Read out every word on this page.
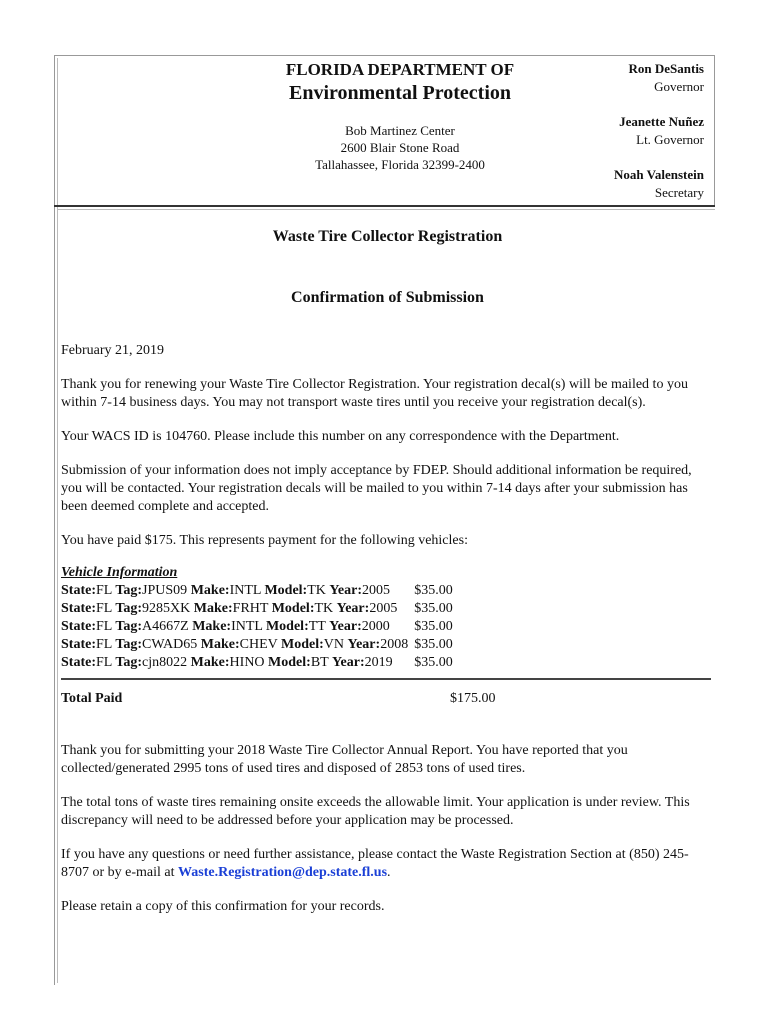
FLORIDA DEPARTMENT OF
Environmental Protection
Bob Martinez Center
2600 Blair Stone Road
Tallahassee, Florida 32399-2400
Ron DeSantis
Governor
Jeanette Nuñez
Lt. Governor
Noah Valenstein
Secretary
Waste Tire Collector Registration
Confirmation of Submission

February 21, 2019

Thank you for renewing your Waste Tire Collector Registration. Your registration decal(s) will be mailed to you within 7-14 business days. You may not transport waste tires until you receive your registration decal(s).

Your WACS ID is 104760. Please include this number on any correspondence with the Department.

Submission of your information does not imply acceptance by FDEP. Should additional information be required, you will be contacted. Your registration decals will be mailed to you within 7-14 days after your submission has been deemed complete and accepted.

You have paid $175. This represents payment for the following vehicles:

Vehicle Information
State:FL Tag:JPUS09 Make:INTL Model:TK Year:2005	$35.00
State:FL Tag:9285XK Make:FRHT Model:TK Year:2005	$35.00
State:FL Tag:A4667Z Make:INTL Model:TT Year:2000	$35.00
State:FL Tag:CWAD65 Make:CHEV Model:VN Year:2008	$35.00
State:FL Tag:cjn8022 Make:HINO Model:BT Year:2019	$35.00
Total Paid	$175.00

Thank you for submitting your 2018 Waste Tire Collector Annual Report. You have reported that you collected/generated 2995 tons of used tires and disposed of 2853 tons of used tires.

The total tons of waste tires remaining onsite exceeds the allowable limit. Your application is under review. This discrepancy will need to be addressed before your application may be processed.

If you have any questions or need further assistance, please contact the Waste Registration Section at (850) 245-8707 or by e-mail at Waste.Registration@dep.state.fl.us.

Please retain a copy of this confirmation for your records.
